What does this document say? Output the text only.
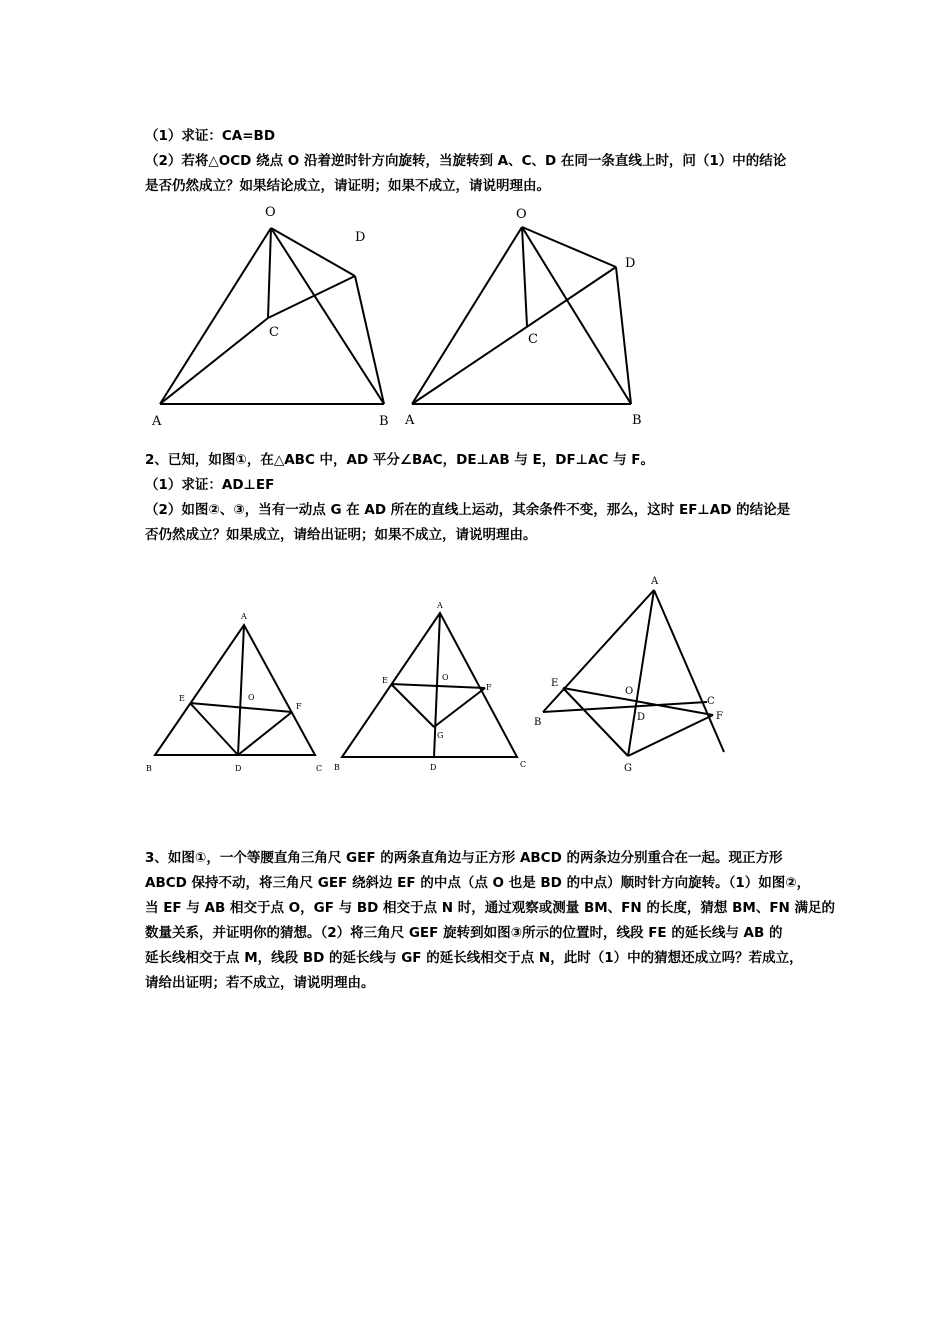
（1）求证：CA=BD
（2）若将△OCD 绕点 O 沿着逆时针方向旋转，当旋转到 A、C、D 在同一条直线上时，问（1）中的结论
是否仍然成立？如果结论成立，请证明；如果不成立，请说明理由。
O
D
C
A	B
O
D
C
A	B
2、已知，如图①，在△ABC 中，AD 平分∠BAC，DE⊥AB 与 E，DF⊥AC 与 F。
（1）求证：AD⊥EF
（2）如图②、③，当有一动点 G 在 AD 所在的直线上运动，其余条件不变，那么，这时 EF⊥AD 的结论是
否仍然成立？如果成立，请给出证明；如果不成立，请说明理由。
A
E	O
F
B	D	C
A
E	O
F
G
B	D	C
A
E
O
C
B	D	F
G
3、如图①，一个等腰直角三角尺 GEF 的两条直角边与正方形 ABCD 的两条边分别重合在一起。现正方形
ABCD 保持不动，将三角尺 GEF 绕斜边 EF 的中点（点 O 也是 BD 的中点）顺时针方向旋转。（1）如图②，
当 EF 与 AB 相交于点 O，GF 与 BD 相交于点 N 时，通过观察或测量 BM、FN 的长度，猜想 BM、FN 满足的
数量关系，并证明你的猜想。（2）将三角尺 GEF 旋转到如图③所示的位置时，线段 FE 的延长线与 AB 的
延长线相交于点 M，线段 BD 的延长线与 GF 的延长线相交于点 N，此时（1）中的猜想还成立吗？若成立，
请给出证明；若不成立，请说明理由。
